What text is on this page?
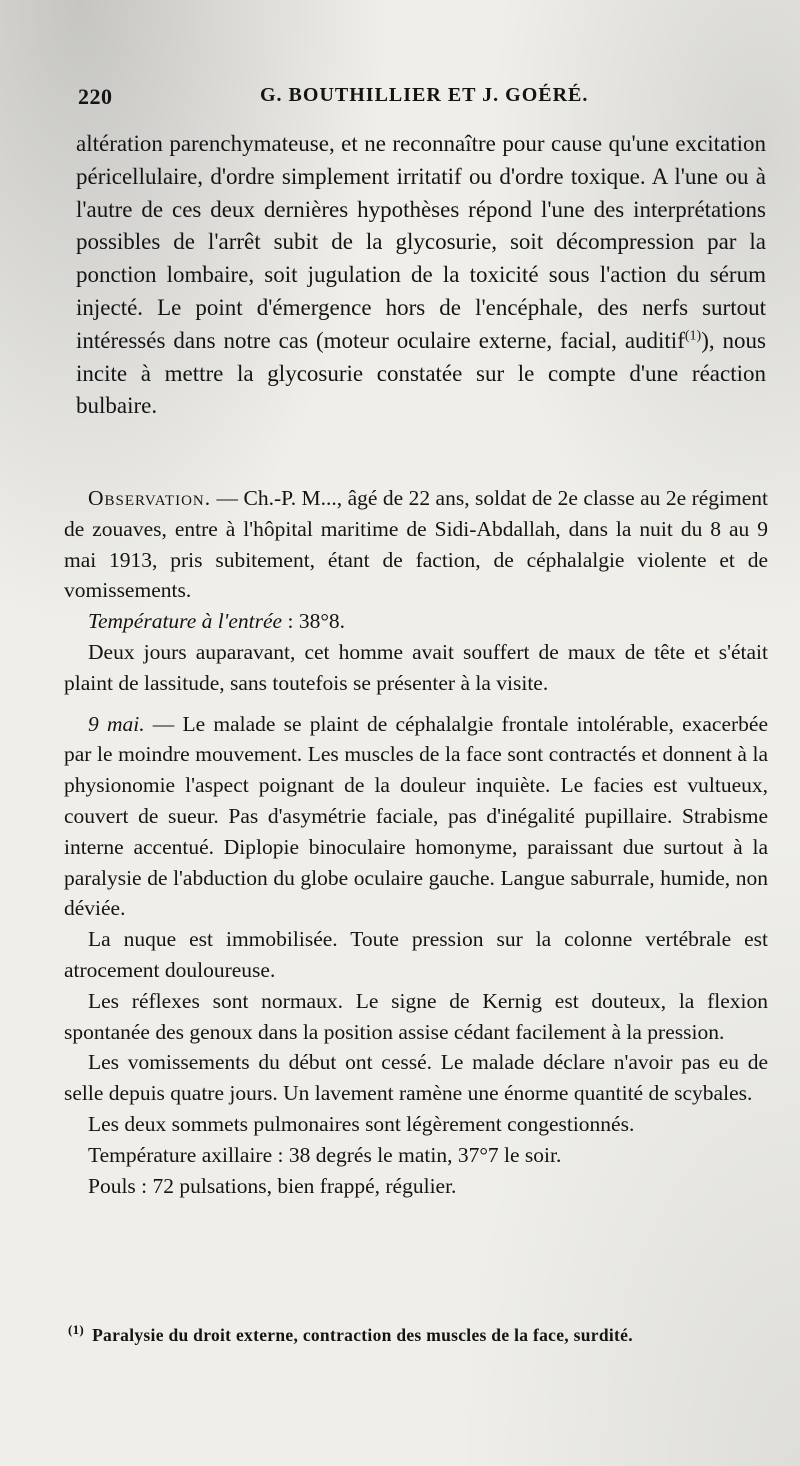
220	G. BOUTHILLIER ET J. GOÉRÉ.

altération parenchymateuse, et ne reconnaître pour cause qu'une excitation péricellulaire, d'ordre simplement irritatif ou d'ordre toxique. A l'une ou à l'autre de ces deux dernières hypothèses répond l'une des interprétations possibles de l'arrêt subit de la glycosurie, soit décompression par la ponction lombaire, soit jugulation de la toxicité sous l'action du sérum injecté. Le point d'émergence hors de l'encéphale, des nerfs surtout intéressés dans notre cas (moteur oculaire externe, facial, auditif$^{(1)}$), nous incite à mettre la glycosurie constatée sur le compte d'une réaction bulbaire.

Observation. — Ch.-P. M..., âgé de 22 ans, soldat de 2e classe au 2e régiment de zouaves, entre à l'hôpital maritime de Sidi-Abdallah, dans la nuit du 8 au 9 mai 1913, pris subitement, étant de faction, de céphalalgie violente et de vomissements.

Température à l'entrée : 38°8.

Deux jours auparavant, cet homme avait souffert de maux de tête et s'était plaint de lassitude, sans toutefois se présenter à la visite.

9 mai. — Le malade se plaint de céphalalgie frontale intolérable, exacerbée par le moindre mouvement. Les muscles de la face sont contractés et donnent à la physionomie l'aspect poignant de la douleur inquiète. Le facies est vultueux, couvert de sueur. Pas d'asymétrie faciale, pas d'inégalité pupillaire. Strabisme interne accentué. Diplopie binoculaire homonyme, paraissant due surtout à la paralysie de l'abduction du globe oculaire gauche. Langue saburrale, humide, non déviée.

La nuque est immobilisée. Toute pression sur la colonne vertébrale est atrocement douloureuse.

Les réflexes sont normaux. Le signe de Kernig est douteux, la flexion spontanée des genoux dans la position assise cédant facilement à la pression.

Les vomissements du début ont cessé. Le malade déclare n'avoir pas eu de selle depuis quatre jours. Un lavement ramène une énorme quantité de scybales.

Les deux sommets pulmonaires sont légèrement congestionnés.

Température axillaire : 38 degrés le matin, 37°7 le soir.

Pouls : 72 pulsations, bien frappé, régulier.

$^{(1)}$ Paralysie du droit externe, contraction des muscles de la face, surdité.
